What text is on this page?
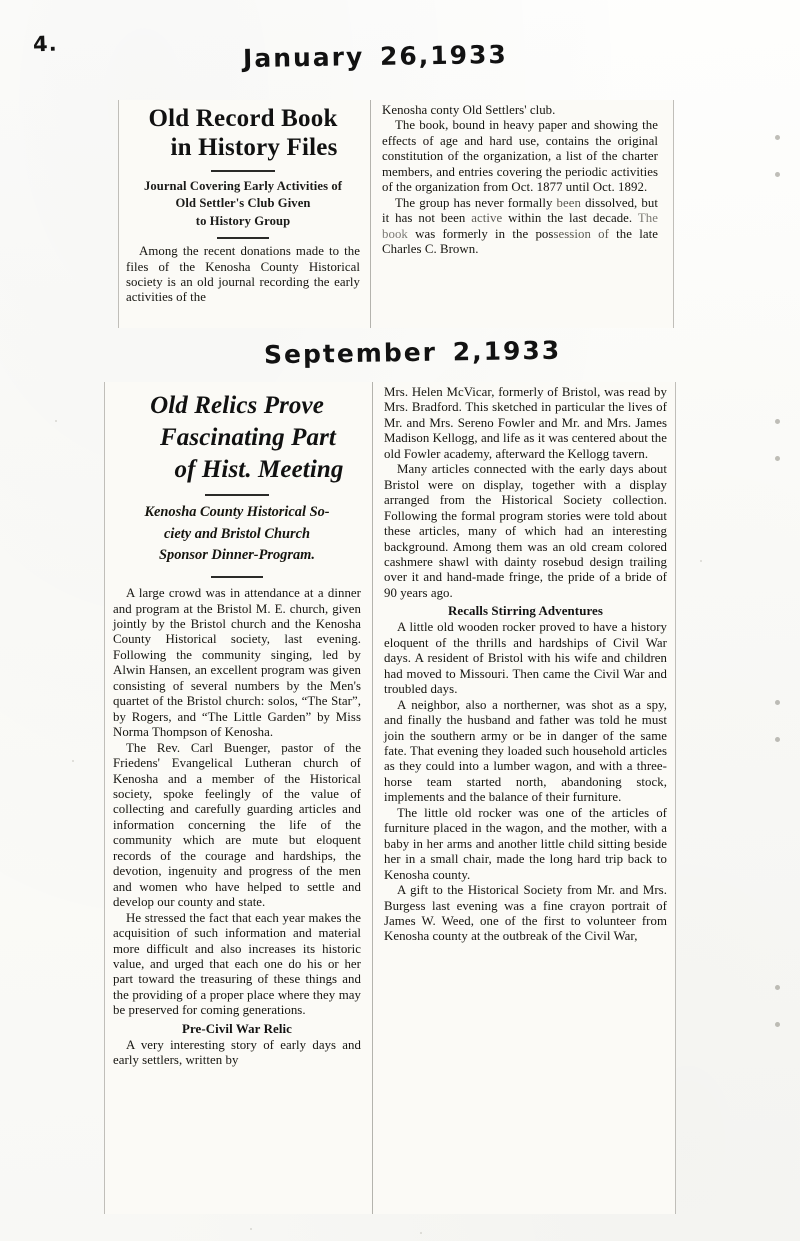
4.	January 26,1933
Old Record Book
in History Files
Journal Covering Early Activities of
Old Settler's Club Given
to History Group

Among the recent donations made to the files of the Kenosha County Historical society is an old journal recording the early activities of the

Kenosha conty Old Settlers' club.

The book, bound in heavy paper and showing the effects of age and hard use, contains the original constitution of the organization, a list of the charter members, and entries covering the periodic activities of the organization from Oct. 1877 until Oct. 1892.

The group has never formally been dissolved, but it has not been active within the last decade. The book was formerly in the possession of the late Charles C. Brown.

September 2,1933
Old Relics Prove
Fascinating Part
of Hist. Meeting
Kenosha County Historical So-
ciety and Bristol Church
Sponsor Dinner-Program.

A large crowd was in attendance at a dinner and program at the Bristol M. E. church, given jointly by the Bristol church and the Kenosha County Historical society, last evening. Following the community singing, led by Alwin Hansen, an excellent program was given consisting of several numbers by the Men's quartet of the Bristol church: solos, “The Star”, by Rogers, and “The Little Garden” by Miss Norma Thompson of Kenosha.

The Rev. Carl Buenger, pastor of the Friedens' Evangelical Lutheran church of Kenosha and a member of the Historical society, spoke feelingly of the value of collecting and carefully guarding articles and information concerning the life of the community which are mute but eloquent records of the courage and hardships, the devotion, ingenuity and progress of the men and women who have helped to settle and develop our county and state.

He stressed the fact that each year makes the acquisition of such information and material more difficult and also increases its historic value, and urged that each one do his or her part toward the treasuring of these things and the providing of a proper place where they may be preserved for coming generations.

Pre-Civil War Relic

A very interesting story of early days and early settlers, written by

Mrs. Helen McVicar, formerly of Bristol, was read by Mrs. Bradford. This sketched in particular the lives of Mr. and Mrs. Sereno Fowler and Mr. and Mrs. James Madison Kellogg, and life as it was centered about the old Fowler academy, afterward the Kellogg tavern.

Many articles connected with the early days about Bristol were on display, together with a display arranged from the Historical Society collection. Following the formal program stories were told about these articles, many of which had an interesting background. Among them was an old cream colored cashmere shawl with dainty rosebud design trailing over it and hand-made fringe, the pride of a bride of 90 years ago.

Recalls Stirring Adventures

A little old wooden rocker proved to have a history eloquent of the thrills and hardships of Civil War days. A resident of Bristol with his wife and children had moved to Missouri. Then came the Civil War and troubled days.

A neighbor, also a northerner, was shot as a spy, and finally the husband and father was told he must join the southern army or be in danger of the same fate. That evening they loaded such household articles as they could into a lumber wagon, and with a three-horse team started north, abandoning stock, implements and the balance of their furniture.

The little old rocker was one of the articles of furniture placed in the wagon, and the mother, with a baby in her arms and another little child sitting beside her in a small chair, made the long hard trip back to Kenosha county.

A gift to the Historical Society from Mr. and Mrs. Burgess last evening was a fine crayon portrait of James W. Weed, one of the first to volunteer from Kenosha county at the outbreak of the Civil War,
